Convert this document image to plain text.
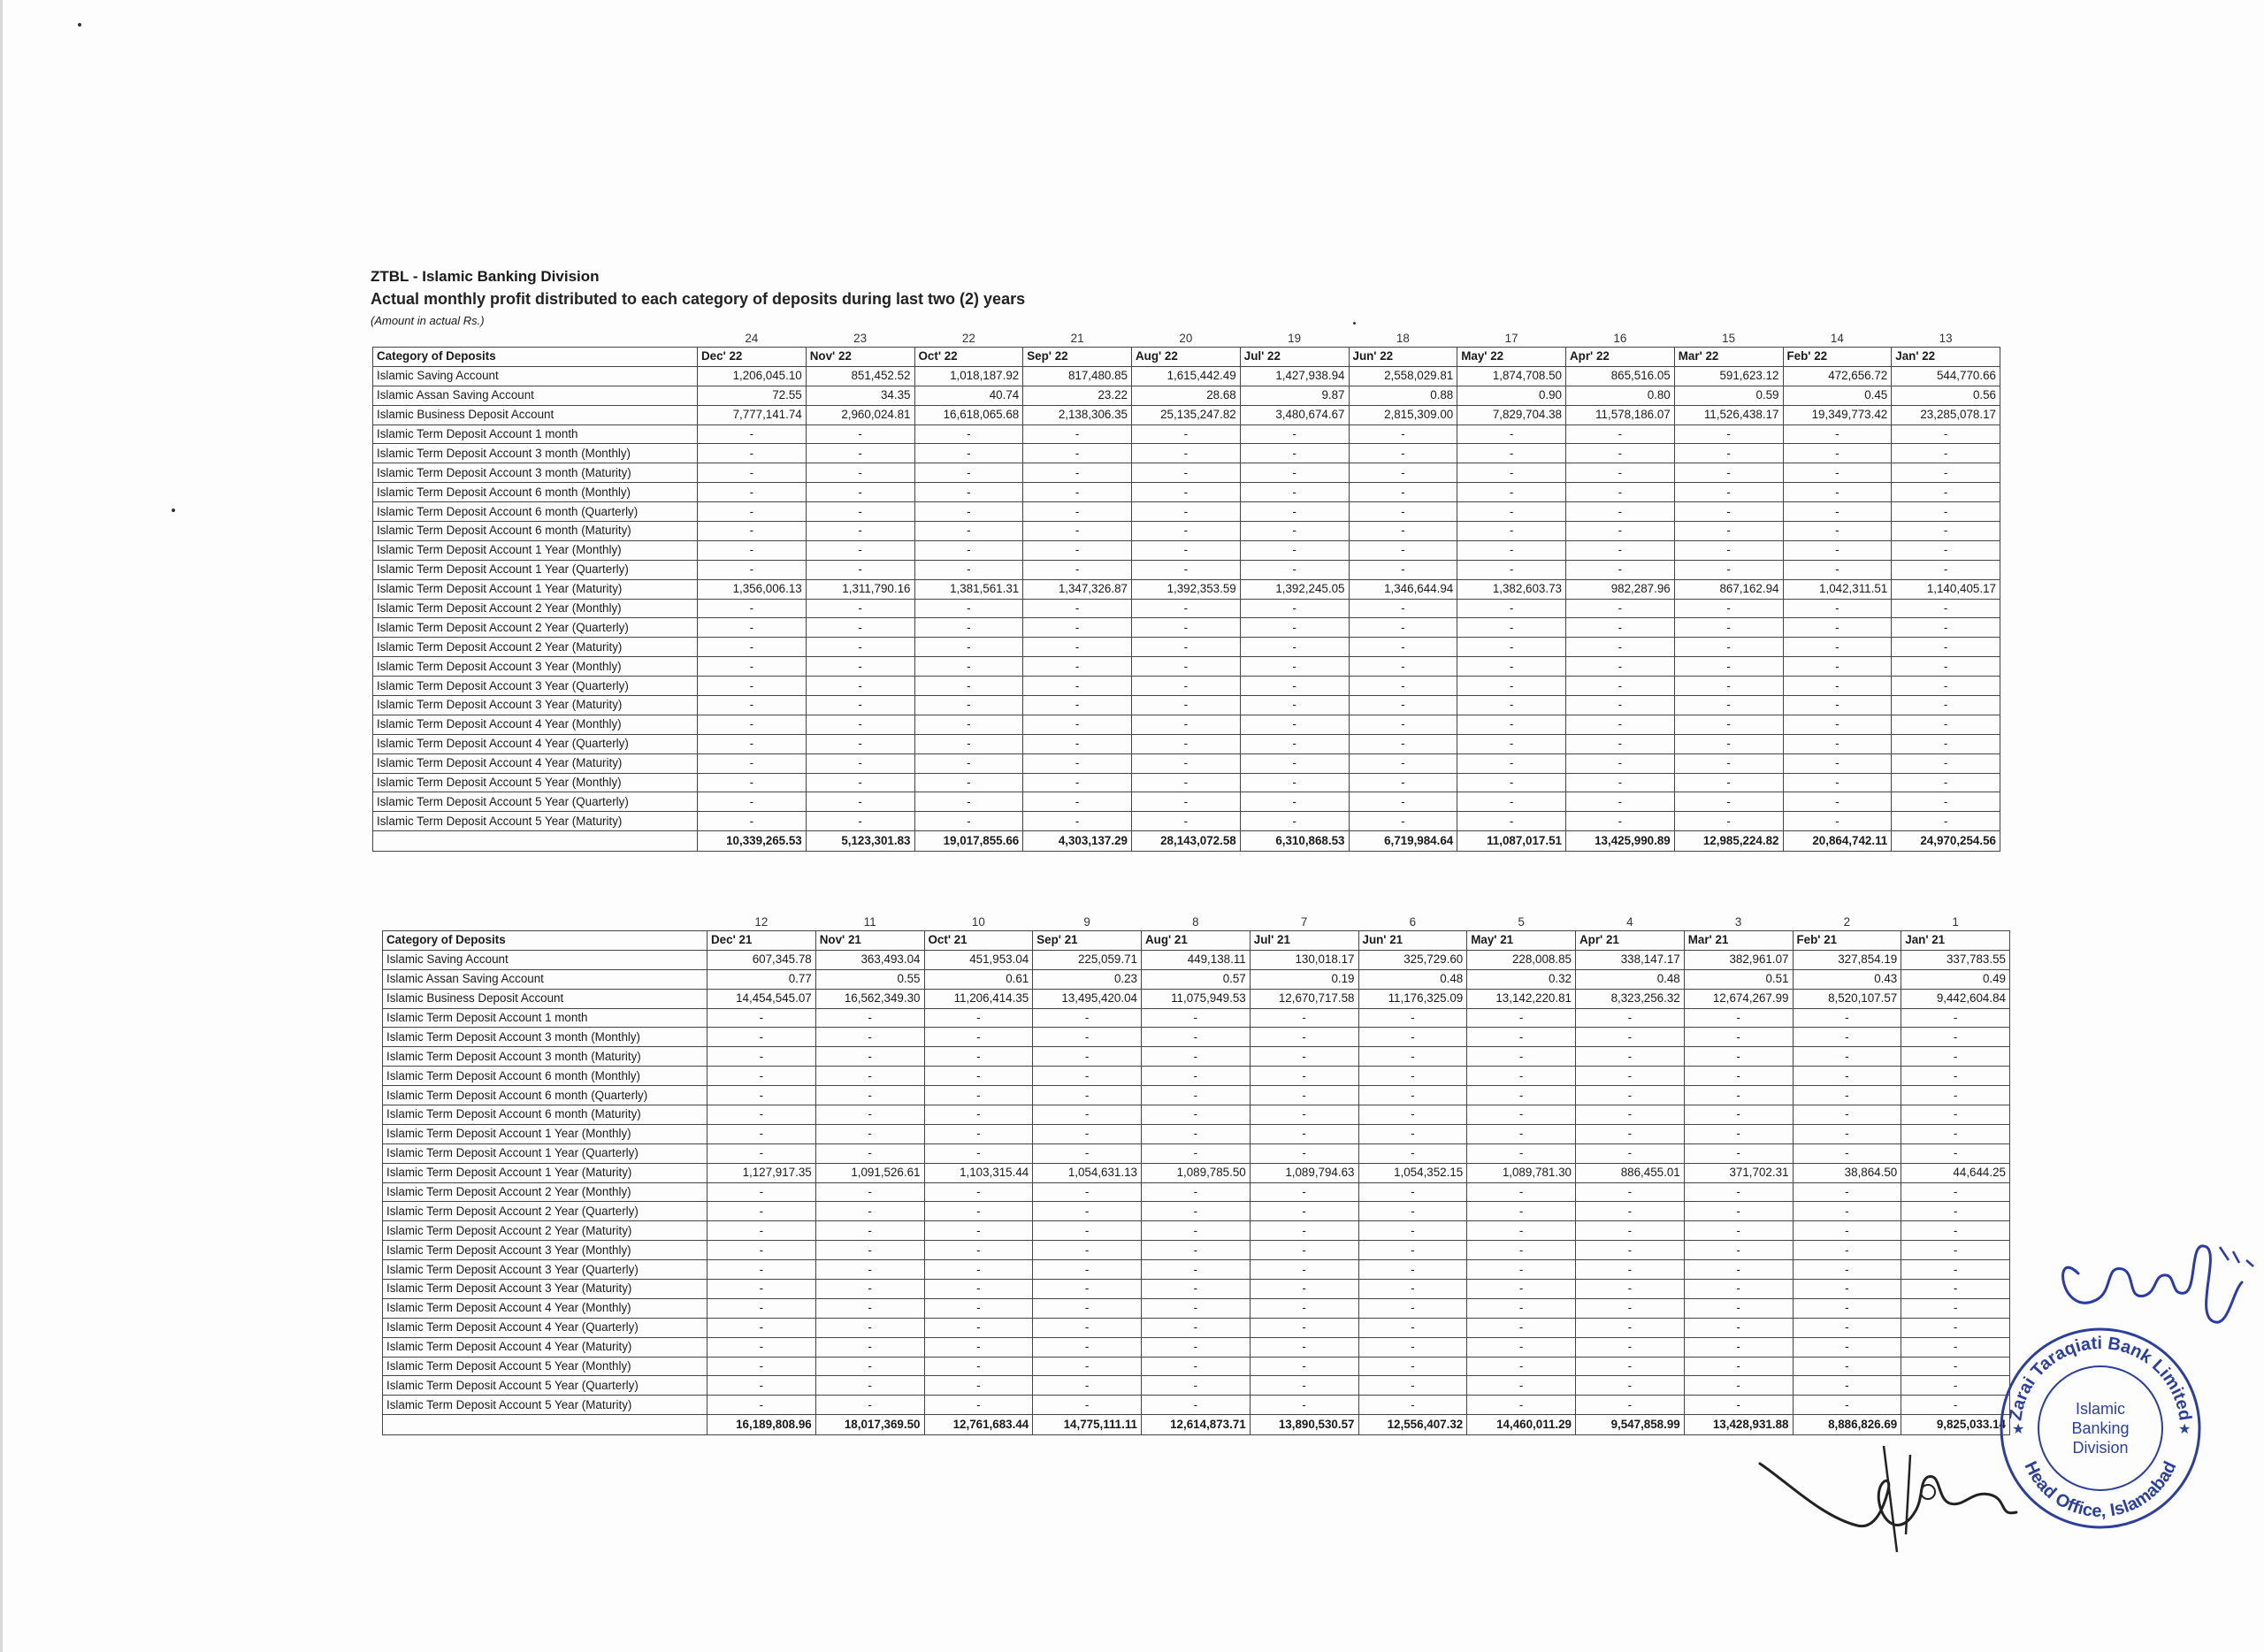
ZTBL - Islamic Banking Division
Actual monthly profit distributed to each category of deposits during last two (2) years
(Amount in actual Rs.)
	24	23	22	21	20	19	18	17	16	15	14	13
Category of Deposits	Dec' 22	Nov' 22	Oct' 22	Sep' 22	Aug' 22	Jul' 22	Jun' 22	May' 22	Apr' 22	Mar' 22	Feb' 22	Jan' 22
Islamic Saving Account	1,206,045.10	851,452.52	1,018,187.92	817,480.85	1,615,442.49	1,427,938.94	2,558,029.81	1,874,708.50	865,516.05	591,623.12	472,656.72	544,770.66
Islamic Assan Saving Account	72.55	34.35	40.74	23.22	28.68	9.87	0.88	0.90	0.80	0.59	0.45	0.56
Islamic Business Deposit Account	7,777,141.74	2,960,024.81	16,618,065.68	2,138,306.35	25,135,247.82	3,480,674.67	2,815,309.00	7,829,704.38	11,578,186.07	11,526,438.17	19,349,773.42	23,285,078.17
Islamic Term Deposit Account 1 month	-	-	-	-	-	-	-	-	-	-	-	-
Islamic Term Deposit Account 3 month (Monthly)	-	-	-	-	-	-	-	-	-	-	-	-
Islamic Term Deposit Account 3 month (Maturity)	-	-	-	-	-	-	-	-	-	-	-	-
Islamic Term Deposit Account 6 month (Monthly)	-	-	-	-	-	-	-	-	-	-	-	-
Islamic Term Deposit Account 6 month (Quarterly)	-	-	-	-	-	-	-	-	-	-	-	-
Islamic Term Deposit Account 6 month (Maturity)	-	-	-	-	-	-	-	-	-	-	-	-
Islamic Term Deposit Account 1 Year (Monthly)	-	-	-	-	-	-	-	-	-	-	-	-
Islamic Term Deposit Account 1 Year (Quarterly)	-	-	-	-	-	-	-	-	-	-	-	-
Islamic Term Deposit Account 1 Year (Maturity)	1,356,006.13	1,311,790.16	1,381,561.31	1,347,326.87	1,392,353.59	1,392,245.05	1,346,644.94	1,382,603.73	982,287.96	867,162.94	1,042,311.51	1,140,405.17
Islamic Term Deposit Account 2 Year (Monthly)	-	-	-	-	-	-	-	-	-	-	-	-
Islamic Term Deposit Account 2 Year (Quarterly)	-	-	-	-	-	-	-	-	-	-	-	-
Islamic Term Deposit Account 2 Year (Maturity)	-	-	-	-	-	-	-	-	-	-	-	-
Islamic Term Deposit Account 3 Year (Monthly)	-	-	-	-	-	-	-	-	-	-	-	-
Islamic Term Deposit Account 3 Year (Quarterly)	-	-	-	-	-	-	-	-	-	-	-	-
Islamic Term Deposit Account 3 Year (Maturity)	-	-	-	-	-	-	-	-	-	-	-	-
Islamic Term Deposit Account 4 Year (Monthly)	-	-	-	-	-	-	-	-	-	-	-	-
Islamic Term Deposit Account 4 Year (Quarterly)	-	-	-	-	-	-	-	-	-	-	-	-
Islamic Term Deposit Account 4 Year (Maturity)	-	-	-	-	-	-	-	-	-	-	-	-
Islamic Term Deposit Account 5 Year (Monthly)	-	-	-	-	-	-	-	-	-	-	-	-
Islamic Term Deposit Account 5 Year (Quarterly)	-	-	-	-	-	-	-	-	-	-	-	-
Islamic Term Deposit Account 5 Year (Maturity)	-	-	-	-	-	-	-	-	-	-	-	-
	10,339,265.53	5,123,301.83	19,017,855.66	4,303,137.29	28,143,072.58	6,310,868.53	6,719,984.64	11,087,017.51	13,425,990.89	12,985,224.82	20,864,742.11	24,970,254.56
	12	11	10	9	8	7	6	5	4	3	2	1
Category of Deposits	Dec' 21	Nov' 21	Oct' 21	Sep' 21	Aug' 21	Jul' 21	Jun' 21	May' 21	Apr' 21	Mar' 21	Feb' 21	Jan' 21
Islamic Saving Account	607,345.78	363,493.04	451,953.04	225,059.71	449,138.11	130,018.17	325,729.60	228,008.85	338,147.17	382,961.07	327,854.19	337,783.55
Islamic Assan Saving Account	0.77	0.55	0.61	0.23	0.57	0.19	0.48	0.32	0.48	0.51	0.43	0.49
Islamic Business Deposit Account	14,454,545.07	16,562,349.30	11,206,414.35	13,495,420.04	11,075,949.53	12,670,717.58	11,176,325.09	13,142,220.81	8,323,256.32	12,674,267.99	8,520,107.57	9,442,604.84
Islamic Term Deposit Account 1 month	-	-	-	-	-	-	-	-	-	-	-	-
Islamic Term Deposit Account 3 month (Monthly)	-	-	-	-	-	-	-	-	-	-	-	-
Islamic Term Deposit Account 3 month (Maturity)	-	-	-	-	-	-	-	-	-	-	-	-
Islamic Term Deposit Account 6 month (Monthly)	-	-	-	-	-	-	-	-	-	-	-	-
Islamic Term Deposit Account 6 month (Quarterly)	-	-	-	-	-	-	-	-	-	-	-	-
Islamic Term Deposit Account 6 month (Maturity)	-	-	-	-	-	-	-	-	-	-	-	-
Islamic Term Deposit Account 1 Year (Monthly)	-	-	-	-	-	-	-	-	-	-	-	-
Islamic Term Deposit Account 1 Year (Quarterly)	-	-	-	-	-	-	-	-	-	-	-	-
Islamic Term Deposit Account 1 Year (Maturity)	1,127,917.35	1,091,526.61	1,103,315.44	1,054,631.13	1,089,785.50	1,089,794.63	1,054,352.15	1,089,781.30	886,455.01	371,702.31	38,864.50	44,644.25
Islamic Term Deposit Account 2 Year (Monthly)	-	-	-	-	-	-	-	-	-	-	-	-
Islamic Term Deposit Account 2 Year (Quarterly)	-	-	-	-	-	-	-	-	-	-	-	-
Islamic Term Deposit Account 2 Year (Maturity)	-	-	-	-	-	-	-	-	-	-	-	-
Islamic Term Deposit Account 3 Year (Monthly)	-	-	-	-	-	-	-	-	-	-	-	-
Islamic Term Deposit Account 3 Year (Quarterly)	-	-	-	-	-	-	-	-	-	-	-	-
Islamic Term Deposit Account 3 Year (Maturity)	-	-	-	-	-	-	-	-	-	-	-	-
Islamic Term Deposit Account 4 Year (Monthly)	-	-	-	-	-	-	-	-	-	-	-	-
Islamic Term Deposit Account 4 Year (Quarterly)	-	-	-	-	-	-	-	-	-	-	-	-
Islamic Term Deposit Account 4 Year (Maturity)	-	-	-	-	-	-	-	-	-	-	-	-
Islamic Term Deposit Account 5 Year (Monthly)	-	-	-	-	-	-	-	-	-	-	-	-
Islamic Term Deposit Account 5 Year (Quarterly)	-	-	-	-	-	-	-	-	-	-	-	-
Islamic Term Deposit Account 5 Year (Maturity)	-	-	-	-	-	-	-	-	-	-	-	-
	16,189,808.96	18,017,369.50	12,761,683.44	14,775,111.11	12,614,873.71	13,890,530.57	12,556,407.32	14,460,011.29	9,547,858.99	13,428,931.88	8,886,826.69	9,825,033.14
Zarai Taraqiati Bank Limited
Head Office, Islamabad
Islamic
Banking
Division
★	★
